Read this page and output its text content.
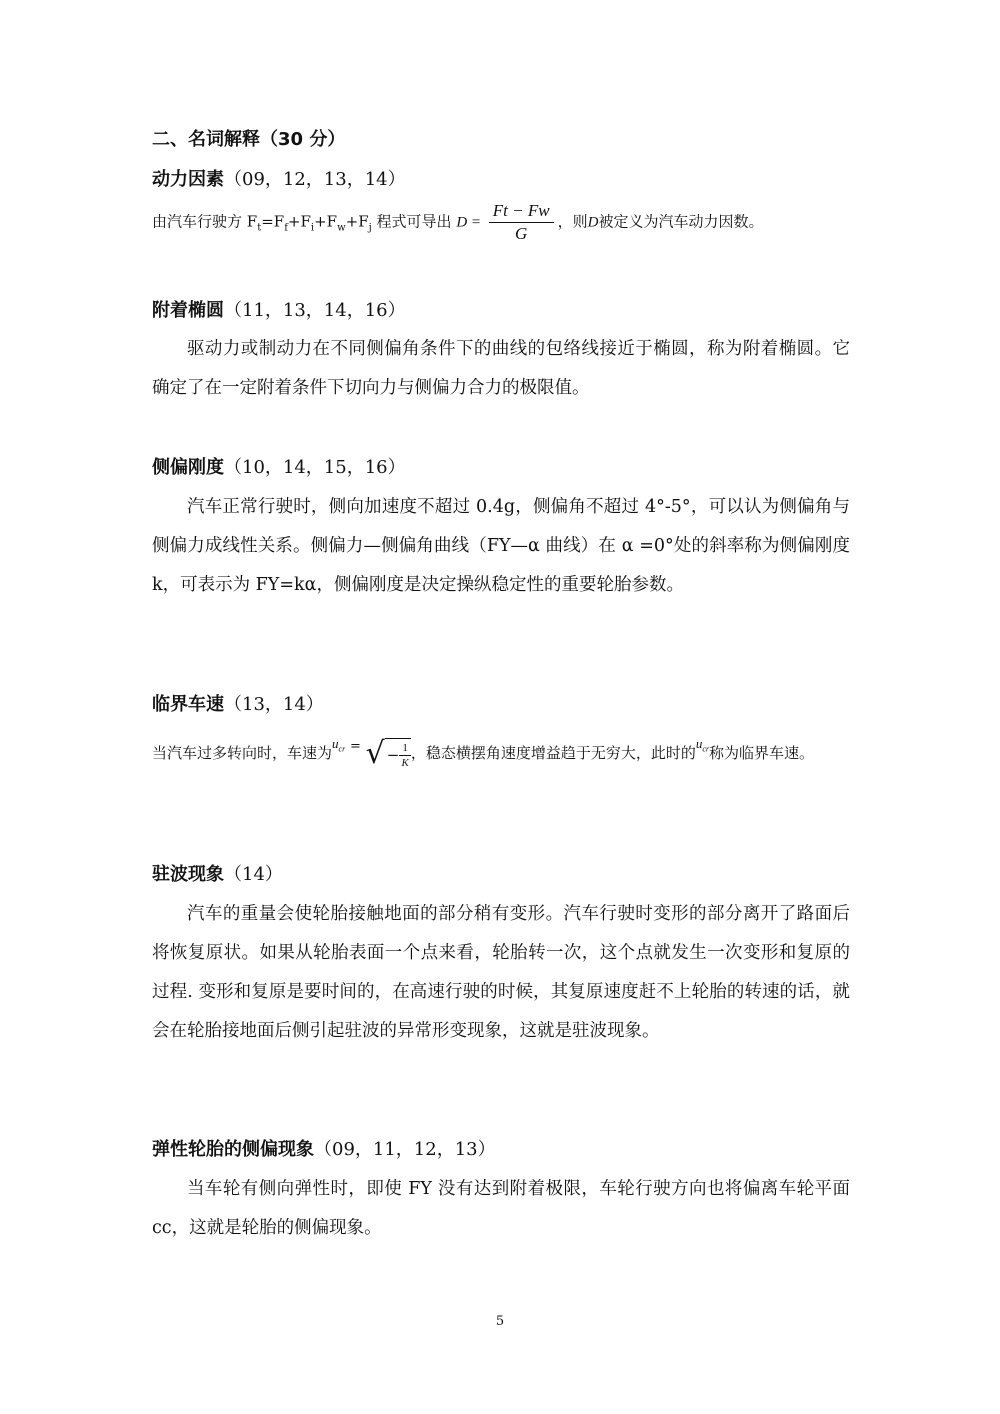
二、名词解释（30 分）
动力因素（09，12，13，14）
由汽车行驶方 $F_t=F_f+F_i+F_w+F_j$ 程式可导出 $D = \frac{Ft - Fw}{G}$ ，则D被定义为汽车动力因数。
附着椭圆（11，13，14，16）
驱动力或制动力在不同侧偏角条件下的曲线的包络线接近于椭圆，称为附着椭圆。它确定了在一定附着条件下切向力与侧偏力合力的极限值。
侧偏刚度（10，14，15，16）
汽车正常行驶时，侧向加速度不超过 0.4g，侧偏角不超过 4°-5°，可以认为侧偏角与侧偏力成线性关系。侧偏力—侧偏角曲线（FY—α 曲线）在 α =0°处的斜率称为侧偏刚度 k，可表示为 FY=kα，侧偏刚度是决定操纵稳定性的重要轮胎参数。
临界车速（13，14）
当汽车过多转向时，车速为$u_{cr}$ = √ − $\frac{1}{K}$ ，稳态横摆角速度增益趋于无穷大，此时的$u_{cr}$称为临界车速。
驻波现象（14）
汽车的重量会使轮胎接触地面的部分稍有变形。汽车行驶时变形的部分离开了路面后将恢复原状。如果从轮胎表面一个点来看，轮胎转一次，这个点就发生一次变形和复原的过程. 变形和复原是要时间的，在高速行驶的时候，其复原速度赶不上轮胎的转速的话，就会在轮胎接地面后侧引起驻波的异常形变现象，这就是驻波现象。
弹性轮胎的侧偏现象（09，11，12，13）
当车轮有侧向弹性时，即使 FY 没有达到附着极限，车轮行驶方向也将偏离车轮平面 cc，这就是轮胎的侧偏现象。
5
